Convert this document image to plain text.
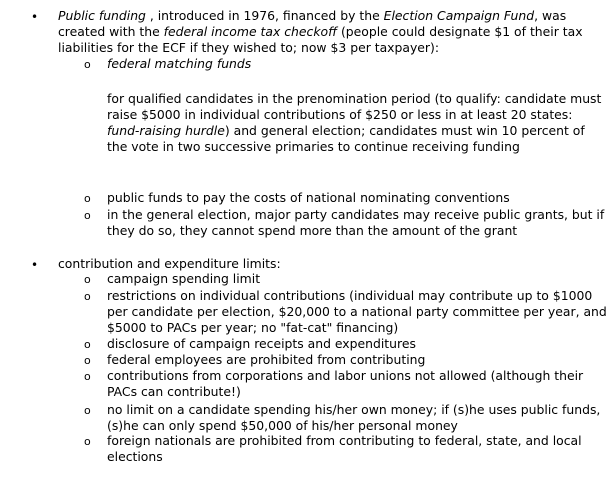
• Public funding , introduced in 1976, financed by the Election Campaign Fund, was created with the federal income tax checkoff (people could designate $1 of their tax liabilities for the ECF if they wished to; now $3 per taxpayer):
o federal matching funds
for qualified candidates in the prenomination period (to qualify: candidate must raise $5000 in individual contributions of $250 or less in at least 20 states: fund-raising hurdle) and general election; candidates must win 10 percent of the vote in two successive primaries to continue receiving funding
o public funds to pay the costs of national nominating conventions
o in the general election, major party candidates may receive public grants, but if they do so, they cannot spend more than the amount of the grant
• contribution and expenditure limits:
o campaign spending limit
o restrictions on individual contributions (individual may contribute up to $1000 per candidate per election, $20,000 to a national party committee per year, and $5000 to PACs per year; no "fat-cat" financing)
o disclosure of campaign receipts and expenditures
o federal employees are prohibited from contributing
o contributions from corporations and labor unions not allowed (although their PACs can contribute!)
o no limit on a candidate spending his/her own money; if (s)he uses public funds, (s)he can only spend $50,000 of his/her personal money
o foreign nationals are prohibited from contributing to federal, state, and local elections
